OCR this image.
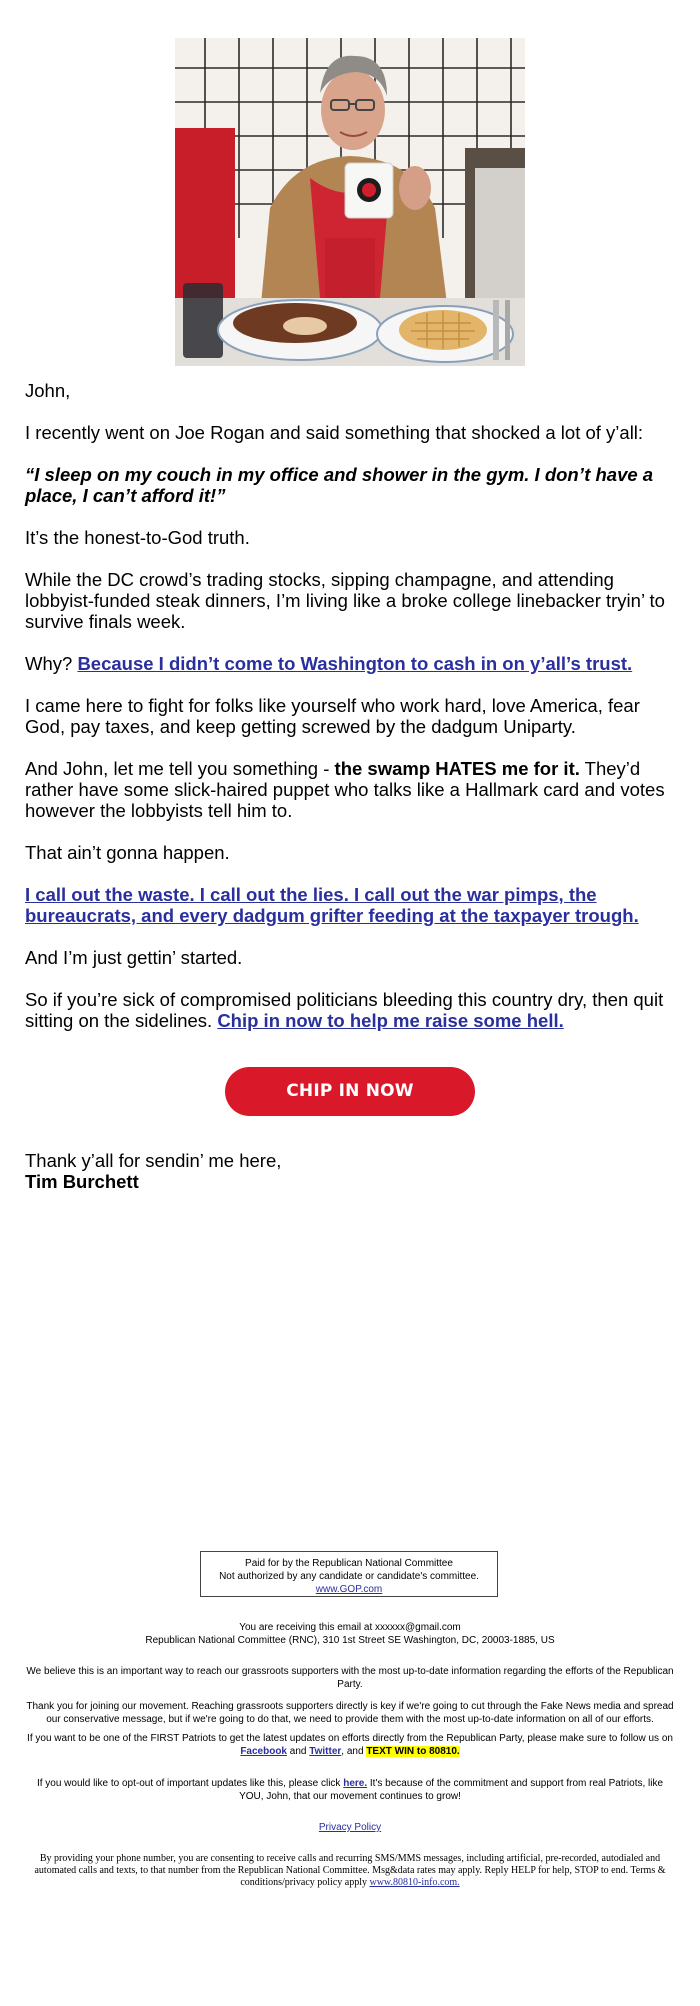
John,

I recently went on Joe Rogan and said something that shocked a lot of y’all:

“I sleep on my couch in my office and shower in the gym. I don’t have a place, I can’t afford it!”

It’s the honest-to-God truth.

While the DC crowd’s trading stocks, sipping champagne, and attending lobbyist-funded steak dinners, I’m living like a broke college linebacker tryin’ to survive finals week.

Why? Because I didn’t come to Washington to cash in on y’all’s trust.

I came here to fight for folks like yourself who work hard, love America, fear God, pay taxes, and keep getting screwed by the dadgum Uniparty.

And John, let me tell you something - the swamp HATES me for it. They’d rather have some slick-haired puppet who talks like a Hallmark card and votes however the lobbyists tell him to.

That ain’t gonna happen.

I call out the waste. I call out the lies. I call out the war pimps, the bureaucrats, and every dadgum grifter feeding at the taxpayer trough.

And I’m just gettin’ started.

So if you’re sick of compromised politicians bleeding this country dry, then quit sitting on the sidelines. Chip in now to help me raise some hell.

CHIP IN NOW
Thank y’all for sendin’ me here,
Tim Burchett
Paid for by the Republican National Committee
Not authorized by any candidate or candidate's committee.
www.GOP.com
You are receiving this email at xxxxxx@gmail.com
Republican National Committee (RNC), 310 1st Street SE Washington, DC, 20003-1885, US
We believe this is an important way to reach our grassroots supporters with the most up-to-date information regarding the efforts of the Republican Party.
Thank you for joining our movement. Reaching grassroots supporters directly is key if we're going to cut through the Fake News media and spread our conservative message, but if we're going to do that, we need to provide them with the most up-to-date information on all of our efforts.
If you want to be one of the FIRST Patriots to get the latest updates on efforts directly from the Republican Party, please make sure to follow us on Facebook and Twitter, and TEXT WIN to 80810.
If you would like to opt-out of important updates like this, please click here. It's because of the commitment and support from real Patriots, like YOU, John, that our movement continues to grow!
Privacy Policy
By providing your phone number, you are consenting to receive calls and recurring SMS/MMS messages, including artificial, pre-recorded, autodialed and automated calls and texts, to that number from the Republican National Committee. Msg&data rates may apply. Reply HELP for help, STOP to end. Terms & conditions/privacy policy apply www.80810-info.com.
